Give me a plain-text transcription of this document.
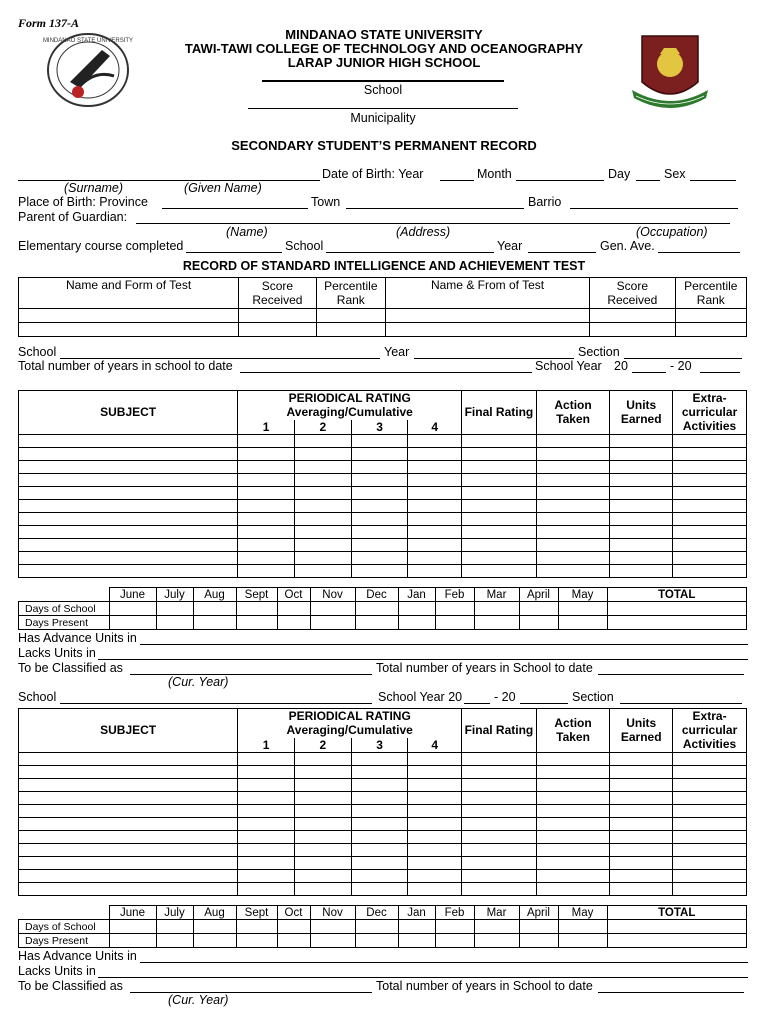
Form 137-A
MINDANAO STATE UNIVERSITY	MINDANAO STATE UNIVERSITY
TAWI-TAWI COLLEGE OF TECHNOLOGY AND OCEANOGRAPHY
LARAP JUNIOR HIGH SCHOOL
School
Municipality
SECONDARY STUDENT’S PERMANENT RECORD
Date of Birth: Year	Month	Day	Sex
(Surname)	(Given Name)
Place of Birth: Province	Town	Barrio
Parent of Guardian:
(Name)	(Address)	(Occupation)
Elementary course completed	School	Year	Gen. Ave.
RECORD OF STANDARD INTELLIGENCE AND ACHIEVEMENT TEST
Name and Form of Test	Score Received	Percentile Rank	Name & From of Test	Score Received	Percentile Rank

School	Year	Section
Total number of years in school to date	School Year 20	- 20
SUBJECT	PERIODICAL RATING
Averaging/Cumulative				Final Rating	Action Taken	Units Earned	Extra-curricular Activities
	1	2	3	4				

	June	July	Aug	Sept	Oct	Nov	Dec	Jan	Feb	Mar	April	May	TOTAL
Days of School													
Days Present													
Has Advance Units in
Lacks Units in
To be Classified as	Total number of years in School to date
(Cur. Year)
School	School Year 20	- 20	Section
SUBJECT	PERIODICAL RATING
Averaging/Cumulative				Final Rating	Action Taken	Units Earned	Extra-curricular Activities
	1	2	3	4				

	June	July	Aug	Sept	Oct	Nov	Dec	Jan	Feb	Mar	April	May	TOTAL
Days of School													
Days Present													
Has Advance Units in
Lacks Units in
To be Classified as	Total number of years in School to date
(Cur. Year)
